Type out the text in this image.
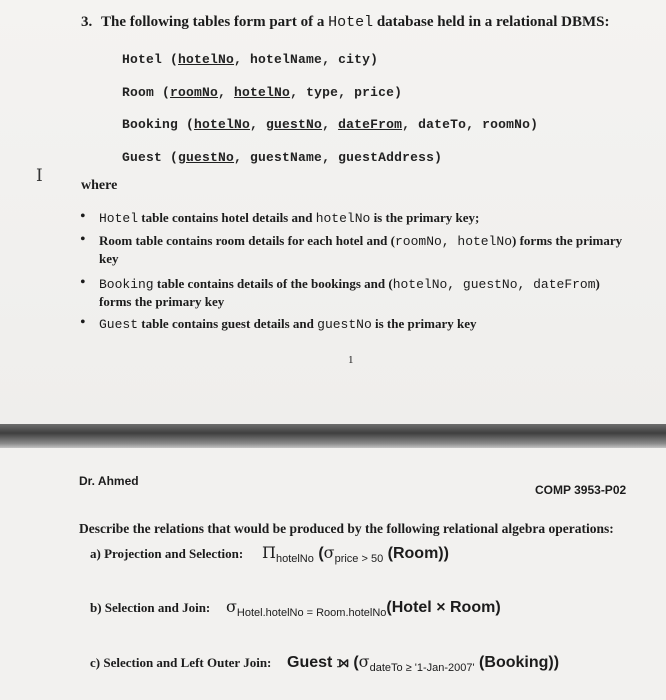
3. The following tables form part of a Hotel database held in a relational DBMS:
Hotel (hotelNo, hotelName, city)
Room (roomNo, hotelNo, type, price)
Booking (hotelNo, guestNo, dateFrom, dateTo, roomNo)
Guest (guestNo, guestName, guestAddress)
I	where
• Hotel table contains hotel details and hotelNo is the primary key;
• Room table contains room details for each hotel and (roomNo, hotelNo) forms the primary
key
• Booking table contains details of the bookings and (hotelNo, guestNo, dateFrom)
forms the primary key
• Guest table contains guest details and guestNo is the primary key
1
Dr. Ahmed
COMP 3953-P02
Describe the relations that would be produced by the following relational algebra operations:
a) Projection and Selection: $\Pi_{hotelNo}$ ($\sigma_{price > 50}$ (Room))
b) Selection and Join: $\sigma_{Hotel.hotelNo = Room.hotelNo}(Hotel$ × Room)
c) Selection and Left Outer Join: Guest ⟕ ($\sigma_{dateTo \ge '1-Jan-2007'}$ (Booking))
